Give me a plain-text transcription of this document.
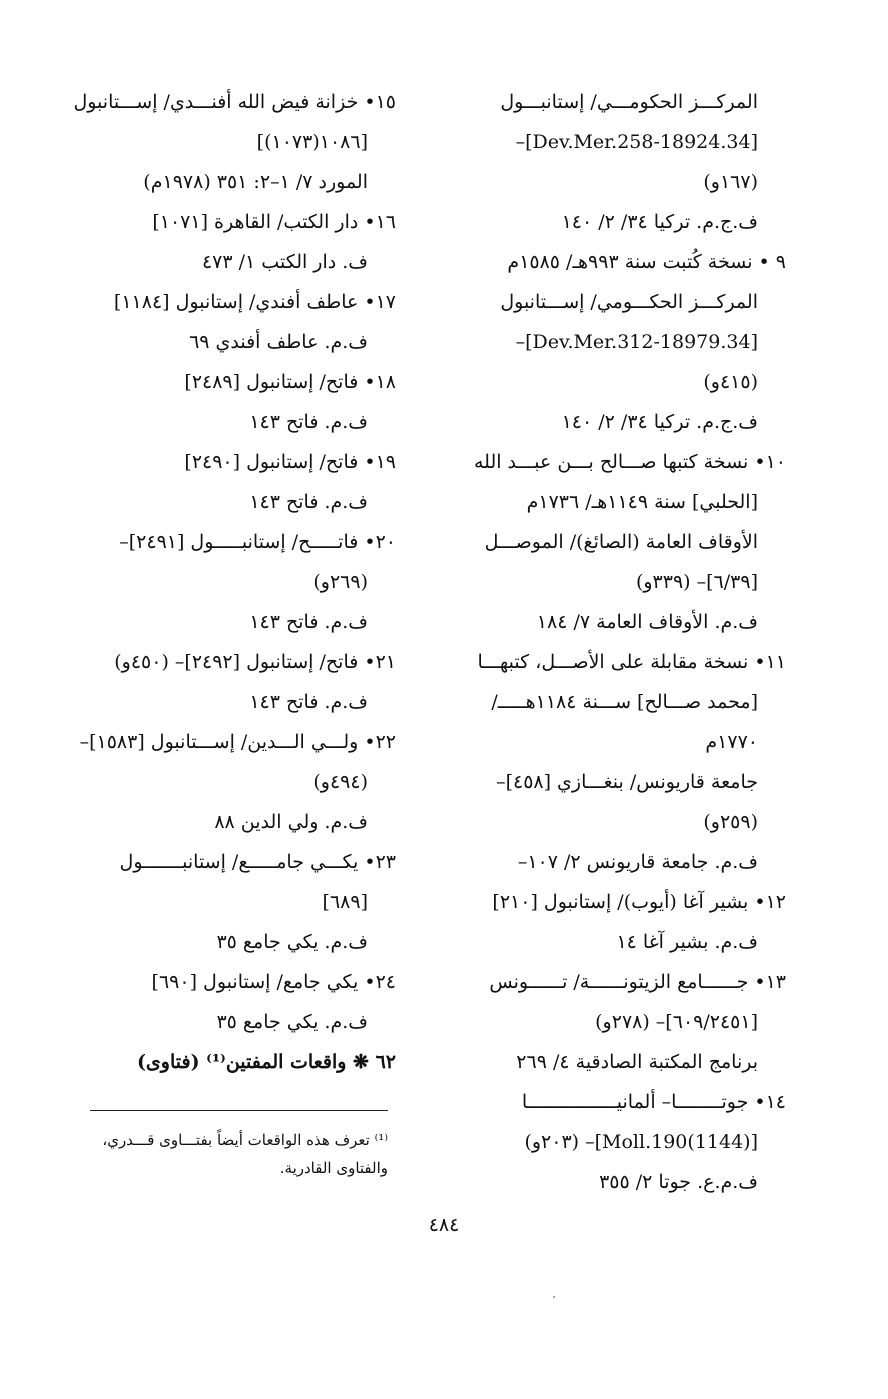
المركـــز الحكومـــي/ إستانبـــول
[34.Dev.Mer.258-18924]–
(١٦٧و)
ف.ج.م. تركيا ٣٤/ ٢/ ١٤٠
٩ • نسخة كُتبت سنة ٩٩٣هـ/ ١٥٨٥م
المركـــز الحكـــومي/ إســـتانبول
[34.Dev.Mer.312-18979]–
(٤١٥و)
ف.ج.م. تركيا ٣٤/ ٢/ ١٤٠
١٠• نسخة كتبها صـــالح بـــن عبـــد الله
[الحلبي] سنة ١١٤٩هـ/ ١٧٣٦م
الأوقاف العامة (الصائغ)/ الموصـــل
[٦/٣٩]– (٣٣٩و)
ف.م. الأوقاف العامة ٧/ ١٨٤
١١• نسخة مقابلة على الأصـــل، كتبهـــا
[محمد صـــالح] ســـنة ١١٨٤هـــــ/
١٧٧٠م
جامعة قاريونس/ بنغـــازي [٤٥٨]–
(٢٥٩و)
ف.م. جامعة قاريونس ٢/ ١٠٧–
١٢• بشير آغا (أيوب)/ إستانبول [٢١٠]
ف.م. بشير آغا ١٤
١٣• جــــــامع الزيتونــــــة/ تــــــونس
[٦٠٩/٢٤٥١]– (٢٧٨و)
برنامج المكتبة الصادقية ٤/ ٢٦٩
١٤• جوتــــــــا– ألمانيــــــــــــــــا
[(1144)Moll.190]– (٢٠٣و)
ف.م.ع. جوتا ٢/ ٣٥٥
١٥• خزانة فيض الله أفنـــدي/ إســـتانبول
[١٠٨٦(١٠٧٣)]
المورد ٧/ ١–٢: ٣٥١ (١٩٧٨م)
١٦• دار الكتب/ القاهرة [١٠٧١]
ف. دار الكتب ١/ ٤٧٣
١٧• عاطف أفندي/ إستانبول [١١٨٤]
ف.م. عاطف أفندي ٦٩
١٨• فاتح/ إستانبول [٢٤٨٩]
ف.م. فاتح ١٤٣
١٩• فاتح/ إستانبول [٢٤٩٠]
ف.م. فاتح ١٤٣
٢٠• فاتـــــح/ إستانبـــــول [٢٤٩١]–
(٢٦٩و)
ف.م. فاتح ١٤٣
٢١• فاتح/ إستانبول [٢٤٩٢]– (٤٥٠و)
ف.م. فاتح ١٤٣
٢٢• ولـــي الـــدين/ إســـتانبول [١٥٨٣]–
(٤٩٤و)
ف.م. ولي الدين ٨٨
٢٣• يكـــي جامـــــع/ إستانبـــــــول
[٦٨٩]
ف.م. يكي جامع ٣٥
٢٤• يكي جامع/ إستانبول [٦٩٠]
ف.م. يكي جامع ٣٥
٦٢ ❋ واقعات المفتين⁽¹⁾ (فتاوى)
⁽¹⁾ تعرف هذه الواقعات أيضاً بفتـــاوى قـــدري،
والفتاوى القادرية.
٤٨٤
